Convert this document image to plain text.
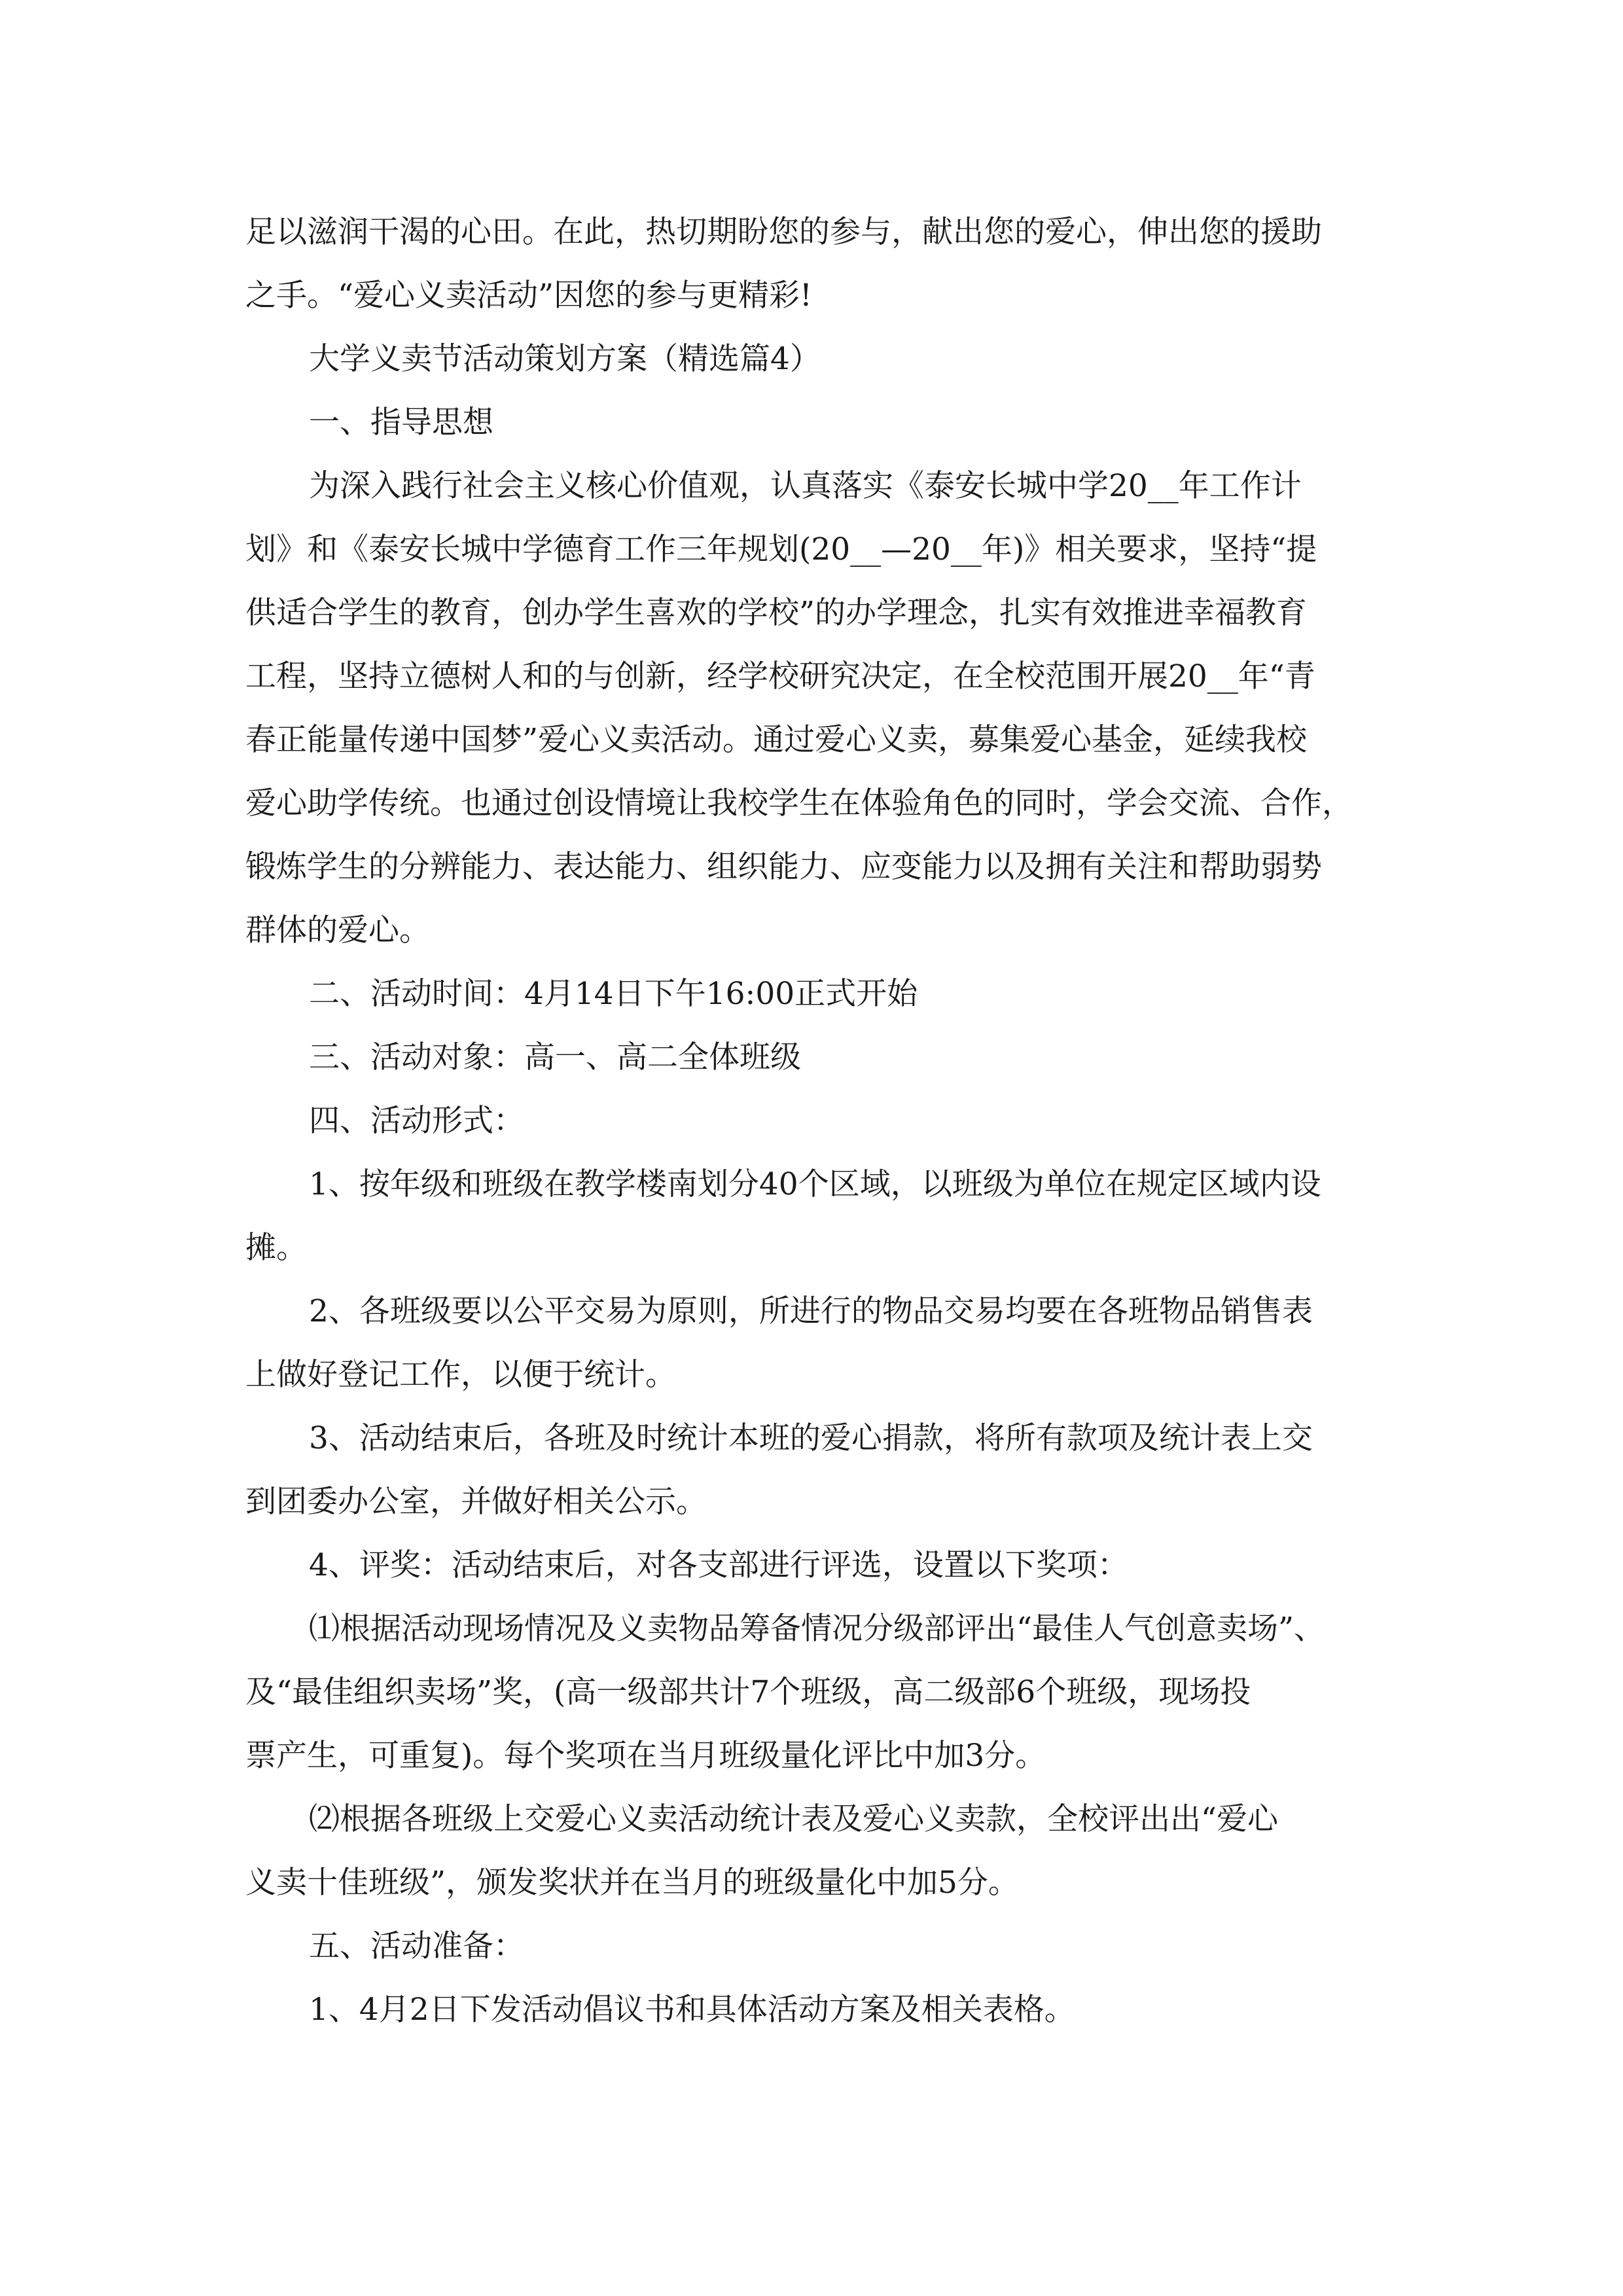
足以滋润干渴的心田。在此，热切期盼您的参与，献出您的爱心，伸出您的援助
之手。“爱心义卖活动”因您的参与更精彩!
大学义卖节活动策划方案（精选篇4）
一、指导思想
为深入践行社会主义核心价值观，认真落实《泰安长城中学20__年工作计
划》和《泰安长城中学德育工作三年规划(20__—20__年)》相关要求，坚持“提
供适合学生的教育，创办学生喜欢的学校”的办学理念，扎实有效推进幸福教育
工程，坚持立德树人和的与创新，经学校研究决定，在全校范围开展20__年“青
春正能量传递中国梦”爱心义卖活动。通过爱心义卖，募集爱心基金，延续我校
爱心助学传统。也通过创设情境让我校学生在体验角色的同时，学会交流、合作，
锻炼学生的分辨能力、表达能力、组织能力、应变能力以及拥有关注和帮助弱势
群体的爱心。
二、活动时间：4月14日下午16:00正式开始
三、活动对象：高一、高二全体班级
四、活动形式：
1、按年级和班级在教学楼南划分40个区域，以班级为单位在规定区域内设
摊。
2、各班级要以公平交易为原则，所进行的物品交易均要在各班物品销售表
上做好登记工作，以便于统计。
3、活动结束后，各班及时统计本班的爱心捐款，将所有款项及统计表上交
到团委办公室，并做好相关公示。
4、评奖：活动结束后，对各支部进行评选，设置以下奖项：
⑴根据活动现场情况及义卖物品筹备情况分级部评出“最佳人气创意卖场”、
及“最佳组织卖场”奖，(高一级部共计7个班级，高二级部6个班级，现场投
票产生，可重复)。每个奖项在当月班级量化评比中加3分。
⑵根据各班级上交爱心义卖活动统计表及爱心义卖款，全校评出出“爱心
义卖十佳班级”，颁发奖状并在当月的班级量化中加5分。
五、活动准备：
1、4月2日下发活动倡议书和具体活动方案及相关表格。
